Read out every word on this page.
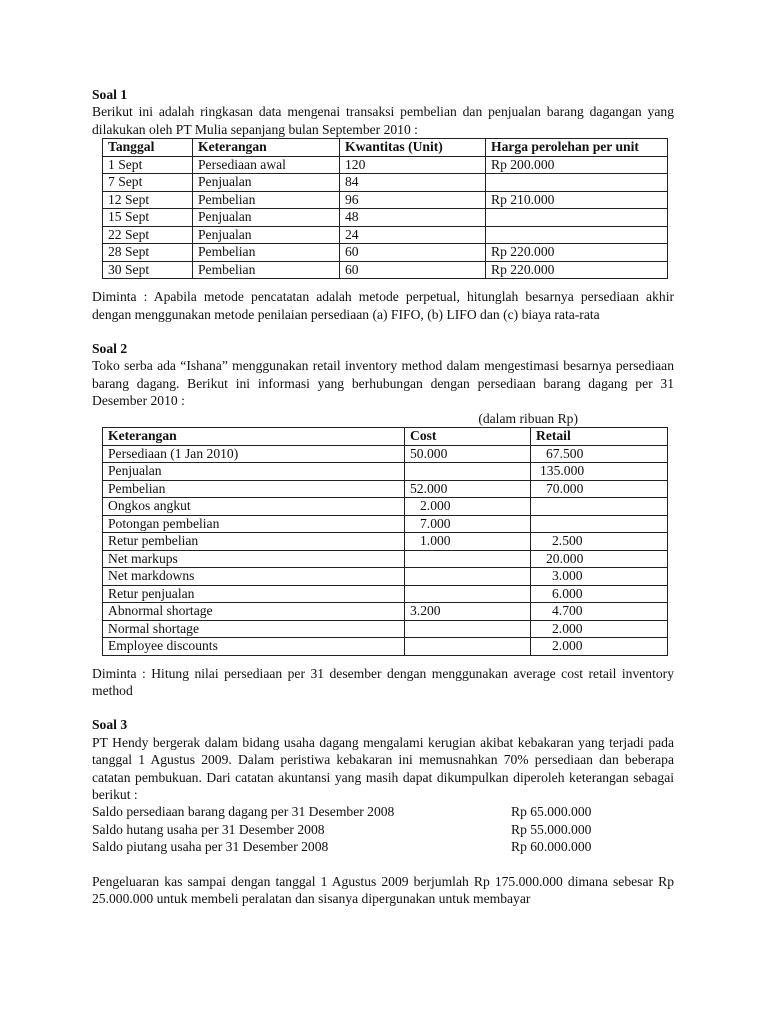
Soal 1

Berikut ini adalah ringkasan data mengenai transaksi pembelian dan penjualan barang dagangan yang dilakukan oleh PT Mulia sepanjang bulan September 2010 :

Tanggal	Keterangan	Kwantitas (Unit)	Harga perolehan per unit
1 Sept	Persediaan awal	120	Rp 200.000
7 Sept	Penjualan	84	
12 Sept	Pembelian	96	Rp 210.000
15 Sept	Penjualan	48	
22 Sept	Penjualan	24	
28 Sept	Pembelian	60	Rp 220.000
30 Sept	Pembelian	60	Rp 220.000

Diminta : Apabila metode pencatatan adalah metode perpetual, hitunglah besarnya persediaan akhir dengan menggunakan metode penilaian persediaan (a) FIFO, (b) LIFO dan (c) biaya rata-rata

Soal 2

Toko serba ada “Ishana” menggunakan retail inventory method dalam mengestimasi besarnya persediaan barang dagang. Berikut ini informasi yang berhubungan dengan persediaan barang dagang per 31 Desember 2010 :

(dalam ribuan Rp)
Keterangan	Cost	Retail
Persediaan (1 Jan 2010)	50.000	67.500
Penjualan		135.000
Pembelian	52.000	70.000
Ongkos angkut	2.000	
Potongan pembelian	7.000	
Retur pembelian	1.000	2.500
Net markups		20.000
Net markdowns		3.000
Retur penjualan		6.000
Abnormal shortage	3.200	4.700
Normal shortage		2.000
Employee discounts		2.000

Diminta : Hitung nilai persediaan per 31 desember dengan menggunakan average cost retail inventory method

Soal 3

PT Hendy bergerak dalam bidang usaha dagang mengalami kerugian akibat kebakaran yang terjadi pada tanggal 1 Agustus 2009. Dalam peristiwa kebakaran ini memusnahkan 70% persediaan dan beberapa catatan pembukuan. Dari catatan akuntansi yang masih dapat dikumpulkan diperoleh keterangan sebagai berikut :

Saldo persediaan barang dagang per 31 Desember 2008	Rp 65.000.000
Saldo hutang usaha per 31 Desember 2008	Rp 55.000.000
Saldo piutang usaha per 31 Desember 2008	Rp 60.000.000

Pengeluaran kas sampai dengan tanggal 1 Agustus 2009 berjumlah Rp 175.000.000 dimana sebesar Rp 25.000.000 untuk membeli peralatan dan sisanya dipergunakan untuk membayar
